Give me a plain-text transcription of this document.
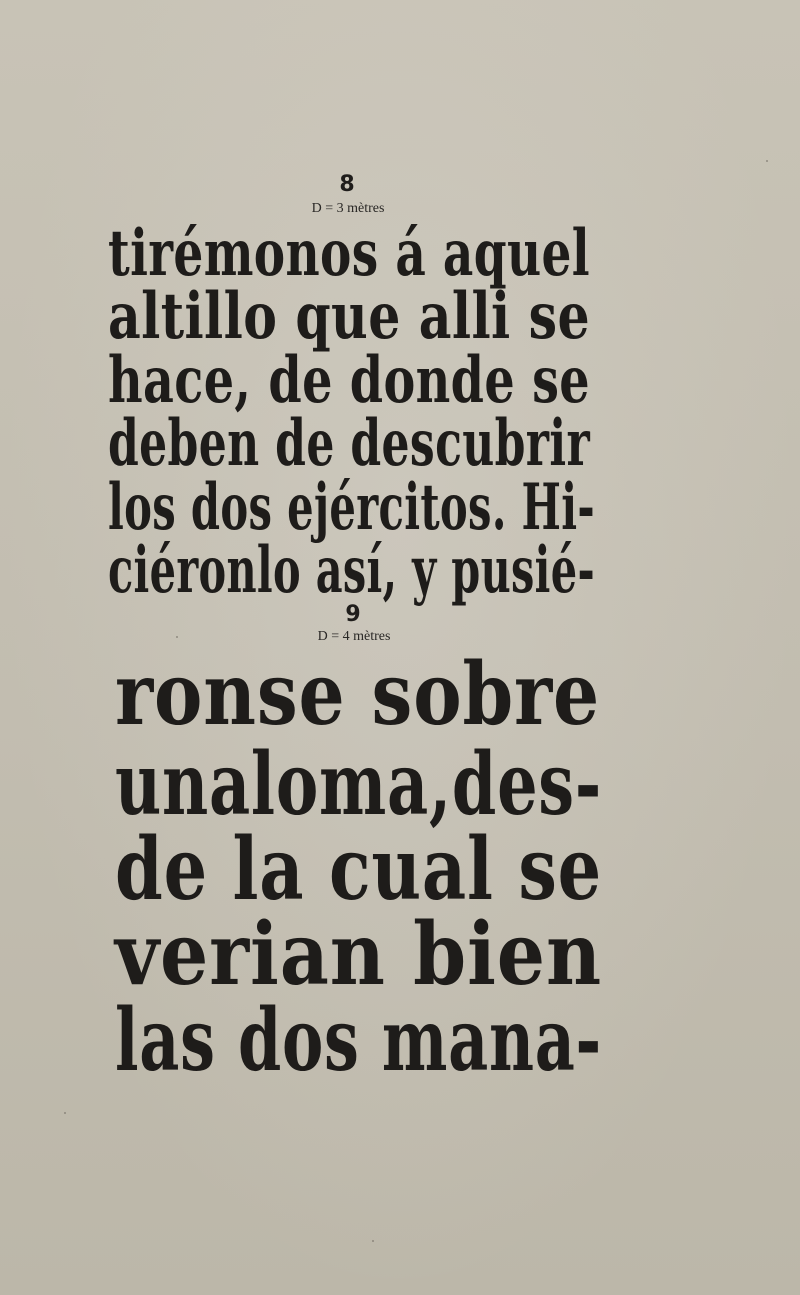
8
D = 3 mètres
tirémonos á aquel
altillo que alli se
hace, de donde se
deben de descubrir
los dos ejércitos. Hi-
ciéronlo así, y pusié-
9
D = 4 mètres
ronse sobre
unaloma,des-
de la cual se
verian bien
las dos mana-
